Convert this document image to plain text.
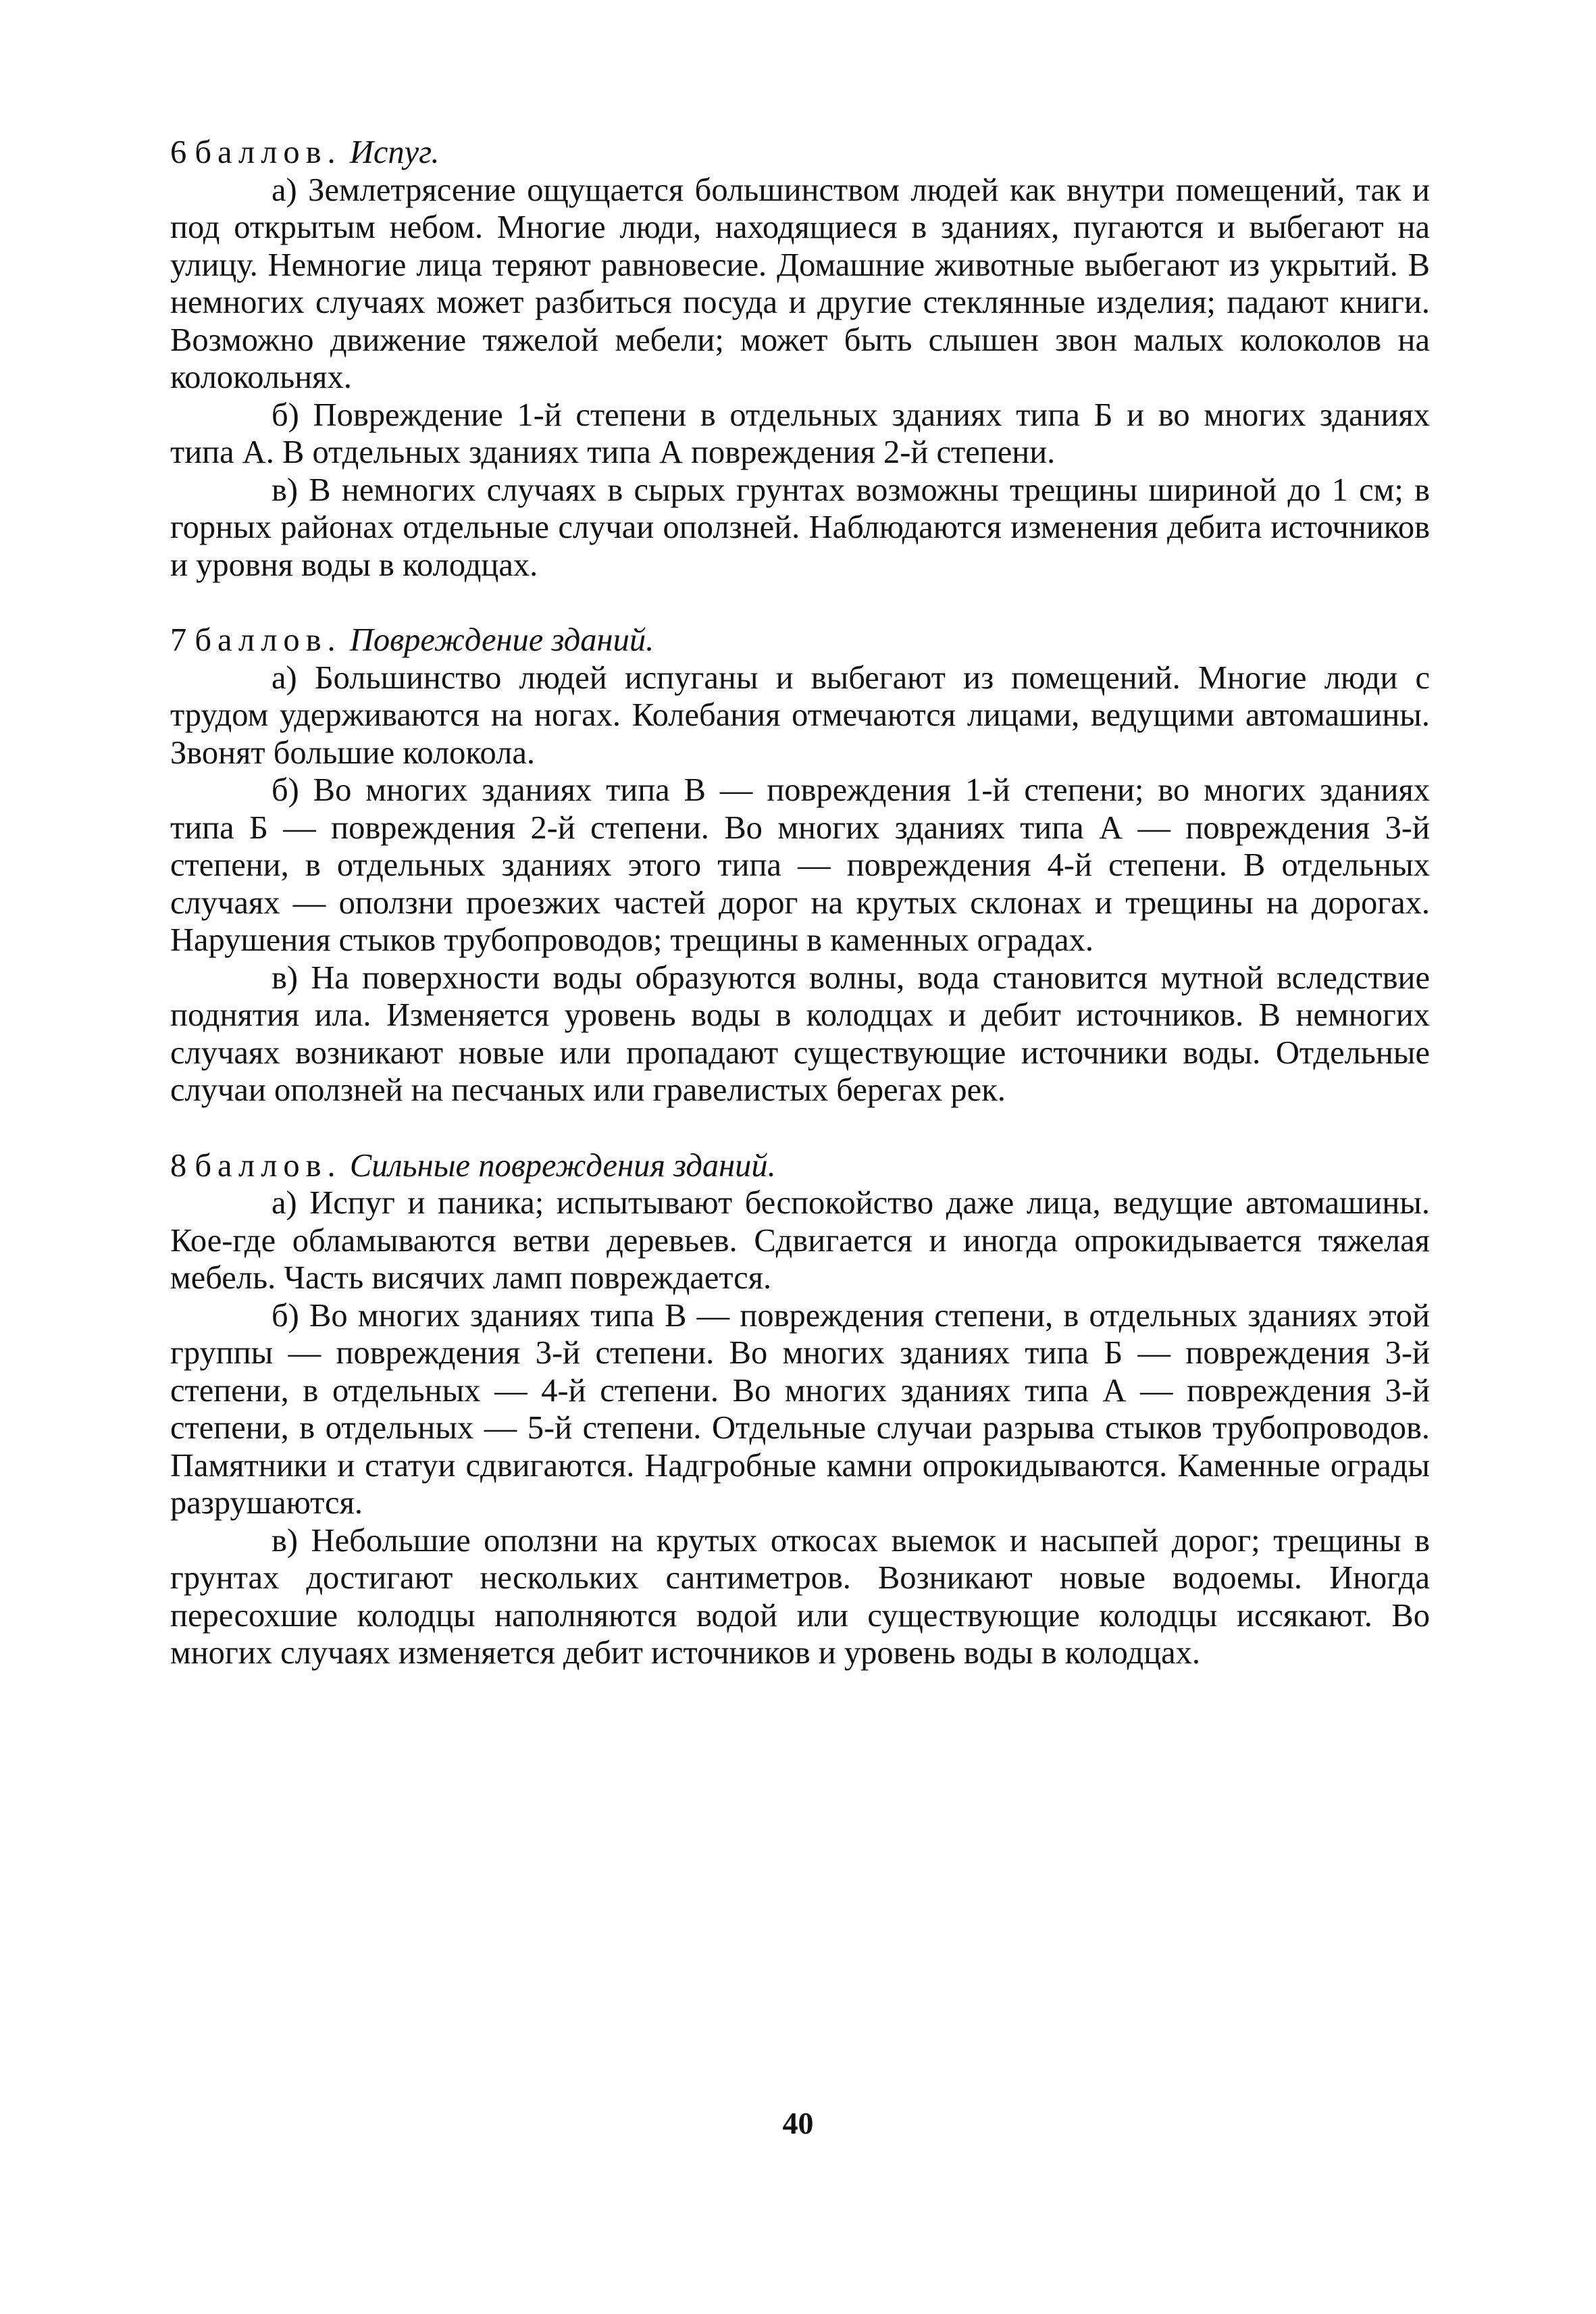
6 баллов. Испуг.

а) Землетрясение ощущается большинством людей как внутри помещений, так и под открытым небом. Многие люди, находящиеся в зданиях, пугаются и выбегают на улицу. Немногие лица теряют равновесие. Домашние животные выбегают из укрытий. В немногих случаях может разбиться посуда и другие стеклянные изделия; падают книги. Возможно движение тяжелой мебели; может быть слышен звон малых колоколов на колокольнях.

б) Повреждение 1-й степени в отдельных зданиях типа Б и во многих зданиях типа А. В отдельных зданиях типа А повреждения 2-й степени.

в) В немногих случаях в сырых грунтах возможны трещины шириной до 1 см; в горных районах отдельные случаи оползней. Наблюдаются изменения дебита источников и уровня воды в колодцах.

7 баллов. Повреждение зданий.

а) Большинство людей испуганы и выбегают из помещений. Многие люди с трудом удерживаются на ногах. Колебания отмечаются лицами, ведущими автомашины. Звонят большие колокола.

б) Во многих зданиях типа В — повреждения 1-й степени; во многих зданиях типа Б — повреждения 2-й степени. Во многих зданиях типа А — повреждения 3-й степени, в отдельных зданиях этого типа — повреждения 4-й степени. В отдельных случаях — оползни проезжих частей дорог на крутых склонах и трещины на дорогах. Нарушения стыков трубопроводов; трещины в каменных оградах.

в) На поверхности воды образуются волны, вода становится мутной вследствие поднятия ила. Изменяется уровень воды в колодцах и дебит источников. В немногих случаях возникают новые или пропадают существующие источники воды. Отдельные случаи оползней на песчаных или гравелистых берегах рек.

8 баллов. Сильные повреждения зданий.

а) Испуг и паника; испытывают беспокойство даже лица, ведущие автомашины. Кое-где обламываются ветви деревьев. Сдвигается и иногда опрокидывается тяжелая мебель. Часть висячих ламп повреждается.

б) Во многих зданиях типа В — повреждения степени, в отдельных зданиях этой группы — повреждения 3-й степени. Во многих зданиях типа Б — повреждения 3-й степени, в отдельных — 4-й степени. Во многих зданиях типа А — повреждения 3-й степени, в отдельных — 5-й степени. Отдельные случаи разрыва стыков трубопроводов. Памятники и статуи сдвигаются. Надгробные камни опрокидываются. Каменные ограды разрушаются.

в) Небольшие оползни на крутых откосах выемок и насыпей дорог; трещины в грунтах достигают нескольких сантиметров. Возникают новые водоемы. Иногда пересохшие колодцы наполняются водой или существующие колодцы иссякают. Во многих случаях изменяется дебит источников и уровень воды в колодцах.

40
